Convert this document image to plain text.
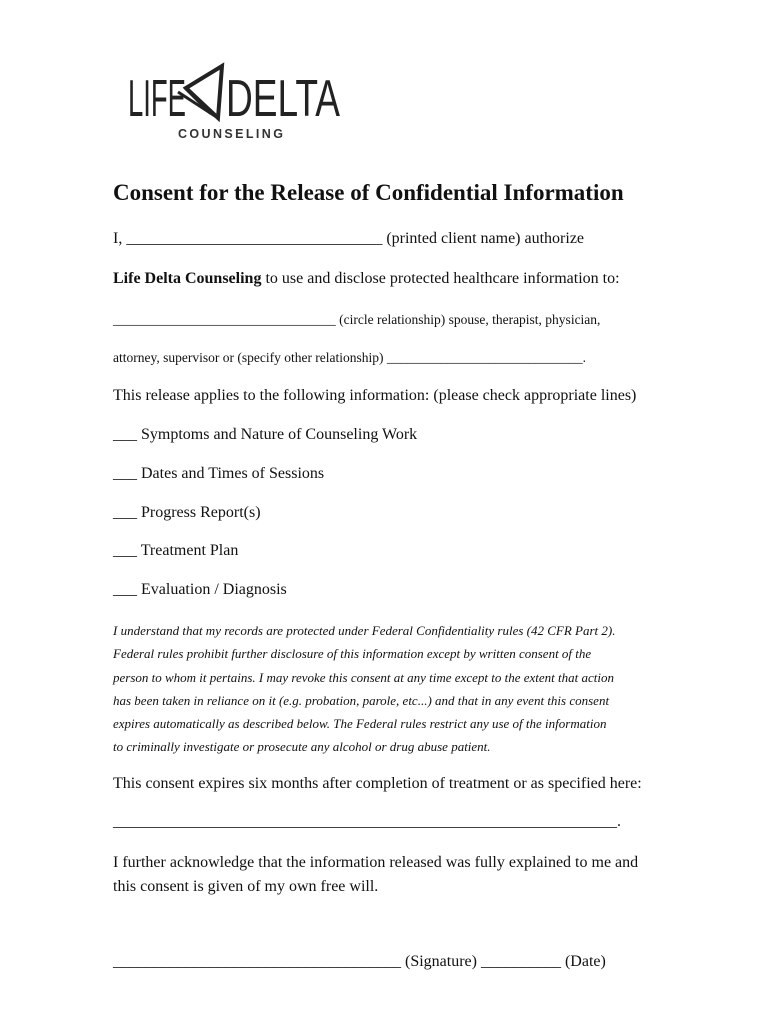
LIFE DELTA
COUNSELING
Consent for the Release of Confidential Information
I, ________________________________ (printed client name) authorize
Life Delta Counseling to use and disclose protected healthcare information to:
_________________________________ (circle relationship) spouse, therapist, physician,
attorney, supervisor or (specify other relationship) _____________________________.
This release applies to the following information: (please check appropriate lines)
___ Symptoms and Nature of Counseling Work
___ Dates and Times of Sessions
___ Progress Report(s)
___ Treatment Plan
___ Evaluation / Diagnosis
I understand that my records are protected under Federal Confidentiality rules (42 CFR Part 2).
Federal rules prohibit further disclosure of this information except by written consent of the
person to whom it pertains. I may revoke this consent at any time except to the extent that action
has been taken in reliance on it (e.g. probation, parole, etc...) and that in any event this consent
expires automatically as described below. The Federal rules restrict any use of the information
to criminally investigate or prosecute any alcohol or drug abuse patient.
This consent expires six months after completion of treatment or as specified here:
_______________________________________________________________.
I further acknowledge that the information released was fully explained to me and
this consent is given of my own free will.
____________________________________ (Signature) __________ (Date)
